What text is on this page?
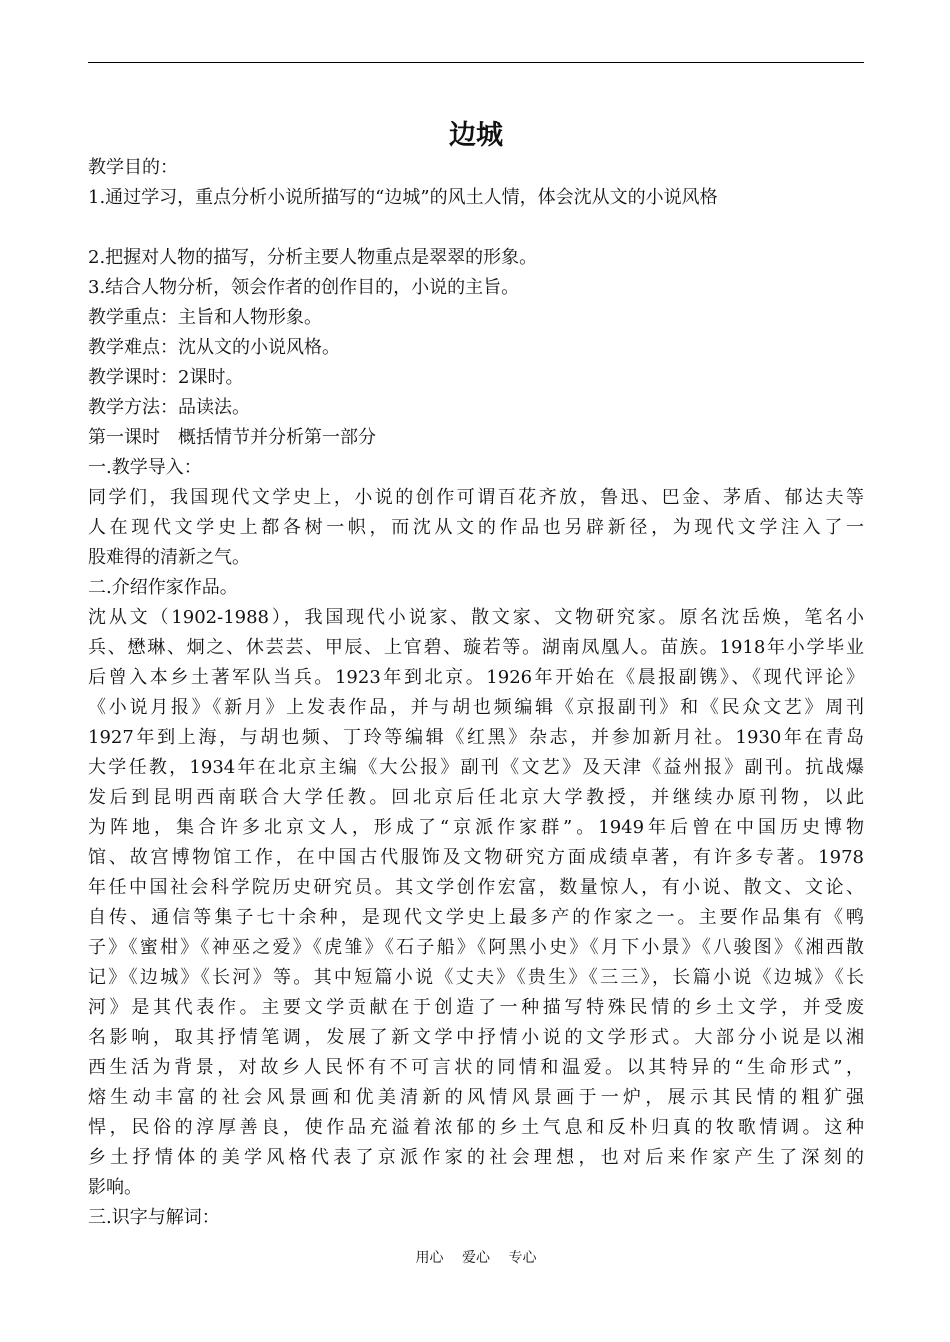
边城
教学目的：
1.通过学习，重点分析小说所描写的“边城”的风土人情，体会沈从文的小说风格
2.把握对人物的描写，分析主要人物重点是翠翠的形象。
3.结合人物分析，领会作者的创作目的，小说的主旨。
教学重点：主旨和人物形象。
教学难点：沈从文的小说风格。
教学课时：2课时。
教学方法：品读法。
第一课时　概括情节并分析第一部分
一.教学导入：
同学们，我国现代文学史上，小说的创作可谓百花齐放，鲁迅、巴金、茅盾、郁达夫等
人在现代文学史上都各树一帜，而沈从文的作品也另辟新径，为现代文学注入了一
股难得的清新之气。
二.介绍作家作品。
沈从文（1902-1988），我国现代小说家、散文家、文物研究家。原名沈岳焕，笔名小
兵、懋琳、炯之、休芸芸、甲辰、上官碧、璇若等。湖南凤凰人。苗族。1918年小学毕业
后曾入本乡土著军队当兵。1923年到北京。1926年开始在《晨报副镌》、《现代评论》
《小说月报》《新月》上发表作品，并与胡也频编辑《京报副刊》和《民众文艺》周刊
1927年到上海，与胡也频、丁玲等编辑《红黑》杂志，并参加新月社。1930年在青岛
大学任教，1934年在北京主编《大公报》副刊《文艺》及天津《益州报》副刊。抗战爆
发后到昆明西南联合大学任教。回北京后任北京大学教授，并继续办原刊物，以此
为阵地，集合许多北京文人，形成了“京派作家群”。1949年后曾在中国历史博物
馆、故宫博物馆工作，在中国古代服饰及文物研究方面成绩卓著，有许多专著。1978
年任中国社会科学院历史研究员。其文学创作宏富，数量惊人，有小说、散文、文论、
自传、通信等集子七十余种，是现代文学史上最多产的作家之一。主要作品集有《鸭
子》《蜜柑》《神巫之爱》《虎雏》《石子船》《阿黑小史》《月下小景》《八骏图》《湘西散
记》《边城》《长河》等。其中短篇小说《丈夫》《贵生》《三三》，长篇小说《边城》《长
河》是其代表作。主要文学贡献在于创造了一种描写特殊民情的乡土文学，并受废
名影响，取其抒情笔调，发展了新文学中抒情小说的文学形式。大部分小说是以湘
西生活为背景，对故乡人民怀有不可言状的同情和温爱。以其特异的“生命形式”，
熔生动丰富的社会风景画和优美清新的风情风景画于一炉，展示其民情的粗犷强
悍，民俗的淳厚善良，使作品充溢着浓郁的乡土气息和反朴归真的牧歌情调。这种
乡土抒情体的美学风格代表了京派作家的社会理想，也对后来作家产生了深刻的
影响。
三.识字与解词：
用心 爱心 专心
